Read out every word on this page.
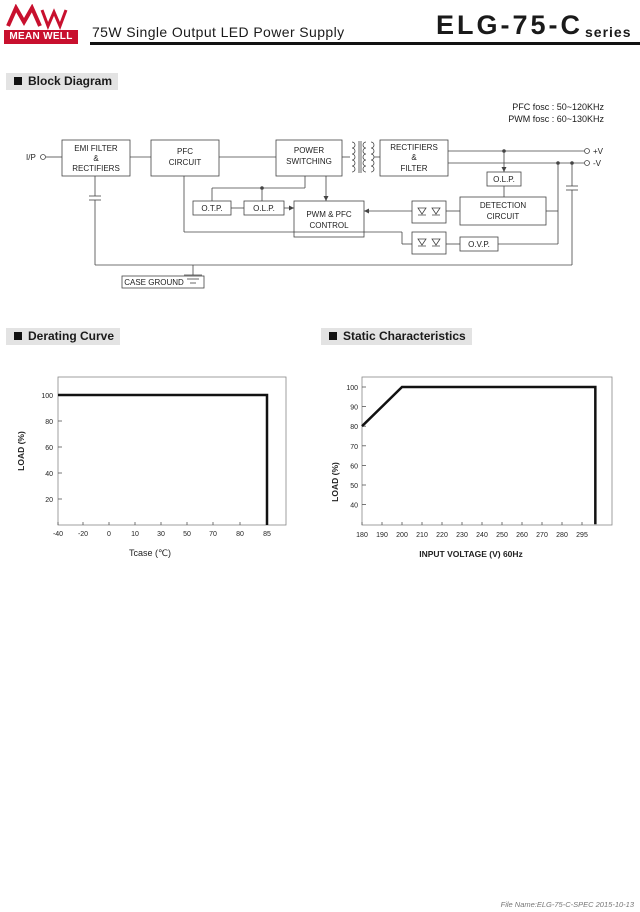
MEAN WELL	75W Single Output LED Power Supply	ELG-75-C series
Block Diagram
PFC fosc : 50~120KHz
PWM fosc : 60~130KHz
I/P
EMI FILTER
&
RECTIFIERS
PFC
CIRCUIT
POWER
SWITCHING
RECTIFIERS
&
FILTER
+V
-V
O.T.P.	O.L.P.
PWM & PFC
CONTROL
O.L.P.
DETECTION
CIRCUIT
O.V.P.
CASE GROUND
Derating Curve
100
80
60
40
20
-40 -20	0	10	30	50	70	80	85
LOAD (%)
Tcase (℃)
Static Characteristics
100
90
80
70
60
50
40
180 190 200 210 220 230 240 250 260 270 280 295
LOAD (%)
INPUT VOLTAGE (V) 60Hz
File Name:ELG-75-C-SPEC 2015-10-13
